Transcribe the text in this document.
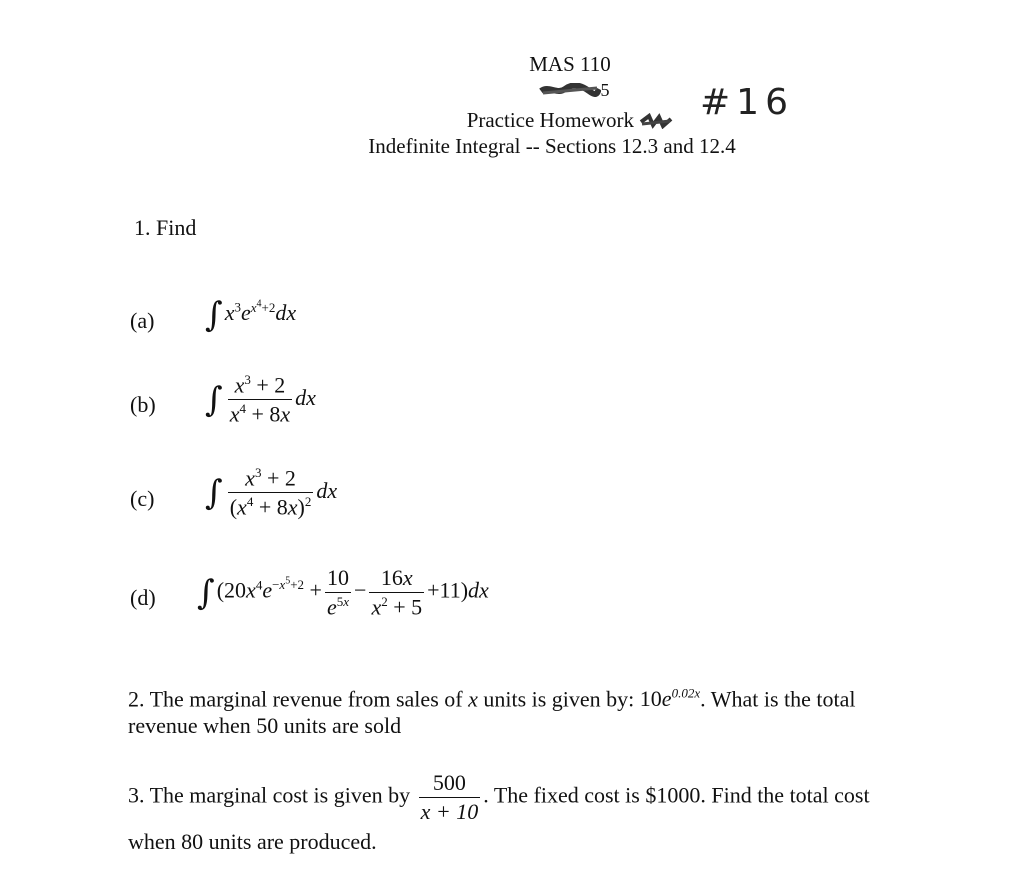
MAS 110
5
Practice Homework
Indefinite Integral -- Sections 12.3 and 12.4
#16
1. Find
(a) $\int x^3e^{x^4+2}dx$
(b) ∫ $\frac{x^3 + 2}{x^4 + 8x}$ dx
(c) ∫ $\frac{x^3 + 2}{(x^4 + 8x)^2}$ dx
(d) $\int(20x^4e^{-x^5+2} + \frac{10}{e^{5x}} - \frac{16x}{x^2 + 5} +11)dx$
2. The marginal revenue from sales of x units is given by: $10e^{0.02x}$. What is the total
revenue when 50 units are sold
3. The marginal cost is given by $\frac{500}{x + 10}$ . The fixed cost is $1000. Find the total cost
when 80 units are produced.
